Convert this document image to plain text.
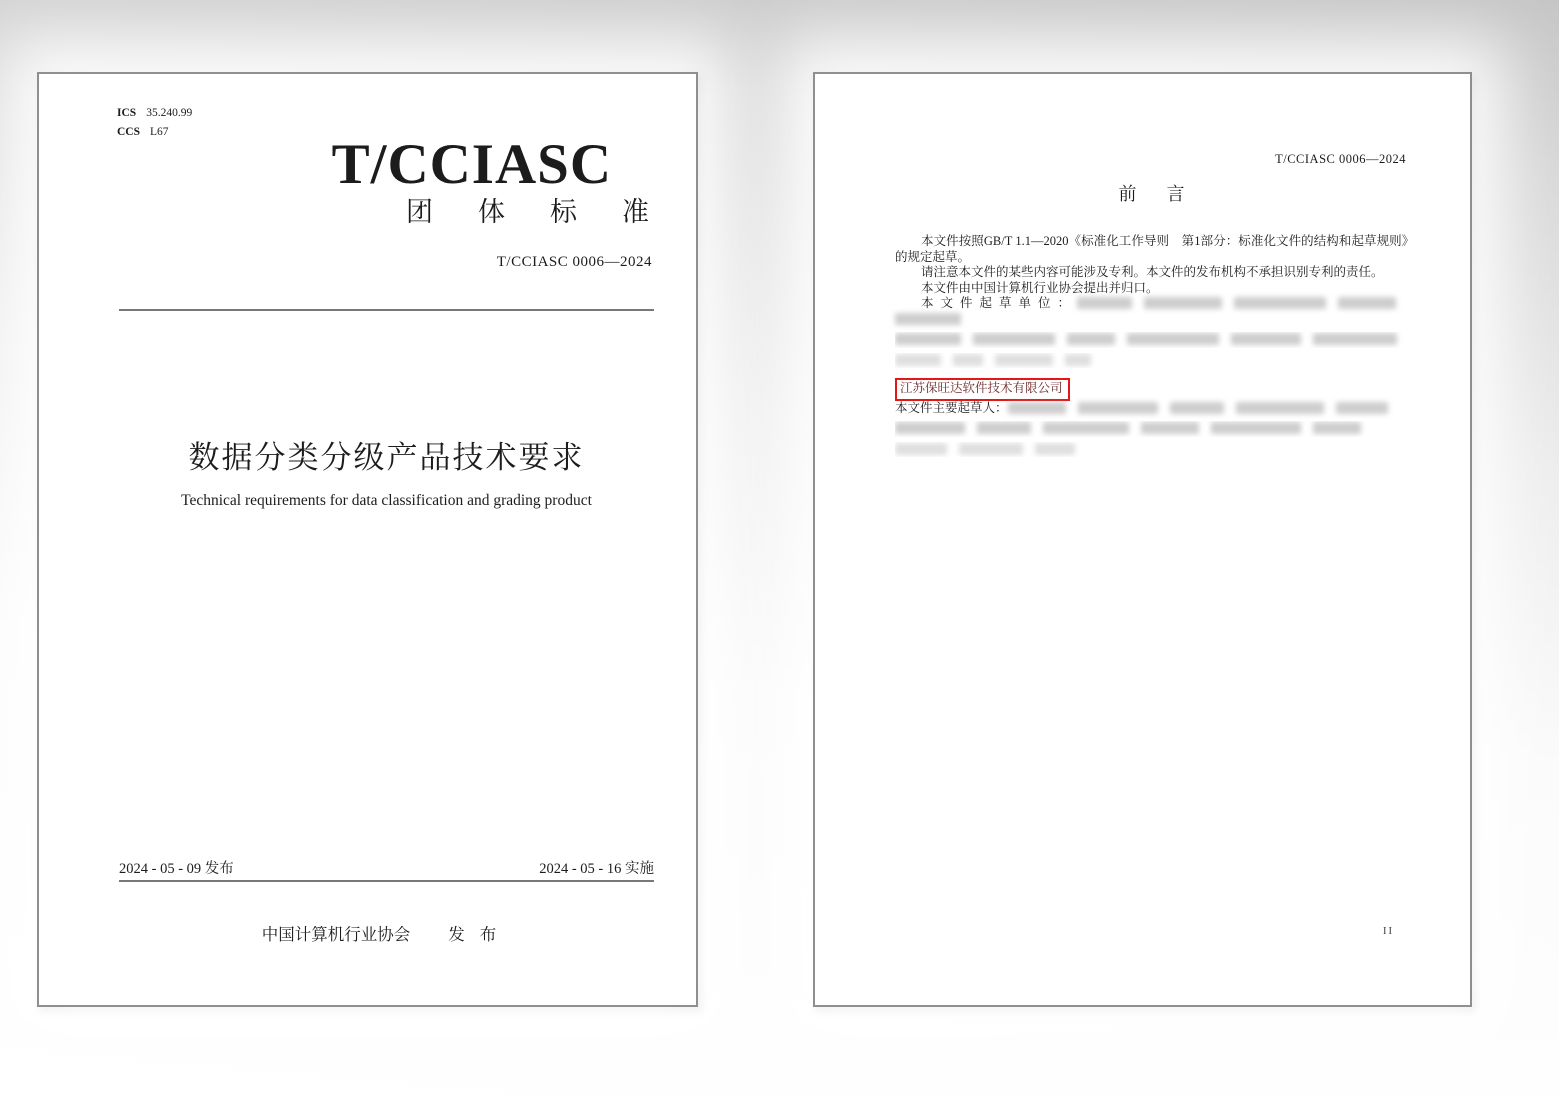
ICS 35.240.99
CCS L67
T/CCIASC
团体标准
T/CCIASC 0006—2024
数据分类分级产品技术要求
Technical requirements for data classification and grading product
2024 - 05 - 09 发布	2024 - 05 - 16 实施
中国计算机行业协会 发布
T/CCIASC 0006—2024
前言

本文件按照GB/T 1.1—2020《标准化工作导则　第1部分：标准化文件的结构和起草规则》的规定起草。

请注意本文件的某些内容可能涉及专利。本文件的发布机构不承担识别专利的责任。

本文件由中国计算机行业协会提出并归口。

本文件起草单位：

江苏保旺达软件技术有限公司

本文件主要起草人：

II
